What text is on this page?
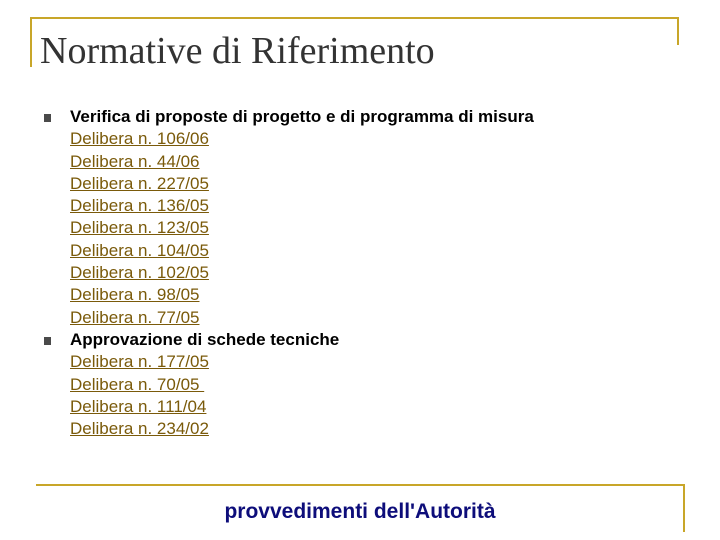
Normative di Riferimento
Verifica di proposte di progetto e di programma di misura
Delibera n. 106/06
Delibera n. 44/06
Delibera n. 227/05
Delibera n. 136/05
Delibera n. 123/05
Delibera n. 104/05
Delibera n. 102/05
Delibera n. 98/05
Delibera n. 77/05
Approvazione di schede tecniche
Delibera n. 177/05
Delibera n. 70/05
Delibera n. 111/04
Delibera n. 234/02
provvedimenti dell'Autorità
